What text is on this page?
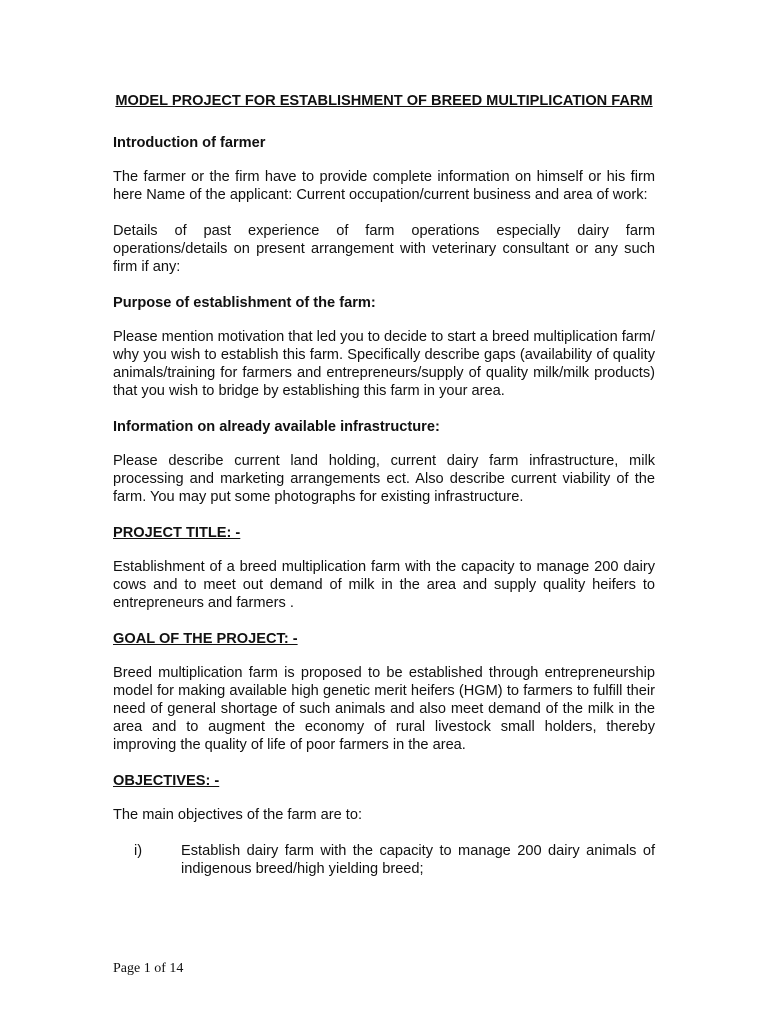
MODEL PROJECT FOR ESTABLISHMENT OF BREED MULTIPLICATION FARM
Introduction of farmer
The farmer or the firm have to provide complete information on himself or his firm here Name of the applicant: Current occupation/current business and area of work:
Details of past experience of farm operations especially dairy farm operations/details on present arrangement with veterinary consultant or any such firm if any:
Purpose of establishment of the farm:
Please mention motivation that led you to decide to start a breed multiplication farm/ why you wish to establish this farm. Specifically describe gaps (availability of quality animals/training for farmers and entrepreneurs/supply of quality milk/milk products) that you wish to bridge by establishing this farm in your area.
Information on already available infrastructure:
Please describe current land holding, current dairy farm infrastructure, milk processing and marketing arrangements ect. Also describe current viability of the farm. You may put some photographs for existing infrastructure.
PROJECT TITLE: -
Establishment of a breed multiplication farm with the capacity to manage 200 dairy cows and to meet out demand of milk in the area and supply quality heifers to entrepreneurs and farmers .
GOAL OF THE PROJECT: -
Breed multiplication farm is proposed to be established through entrepreneurship model for making available high genetic merit heifers (HGM) to farmers to fulfill their need of general shortage of such animals and also meet demand of the milk in the area and to augment the economy of rural livestock small holders, thereby improving the quality of life of poor farmers in the area.
OBJECTIVES: -
The main objectives of the farm are to:
i)	Establish dairy farm with the capacity to manage 200 dairy animals of indigenous breed/high yielding breed;
Page 1 of 14
